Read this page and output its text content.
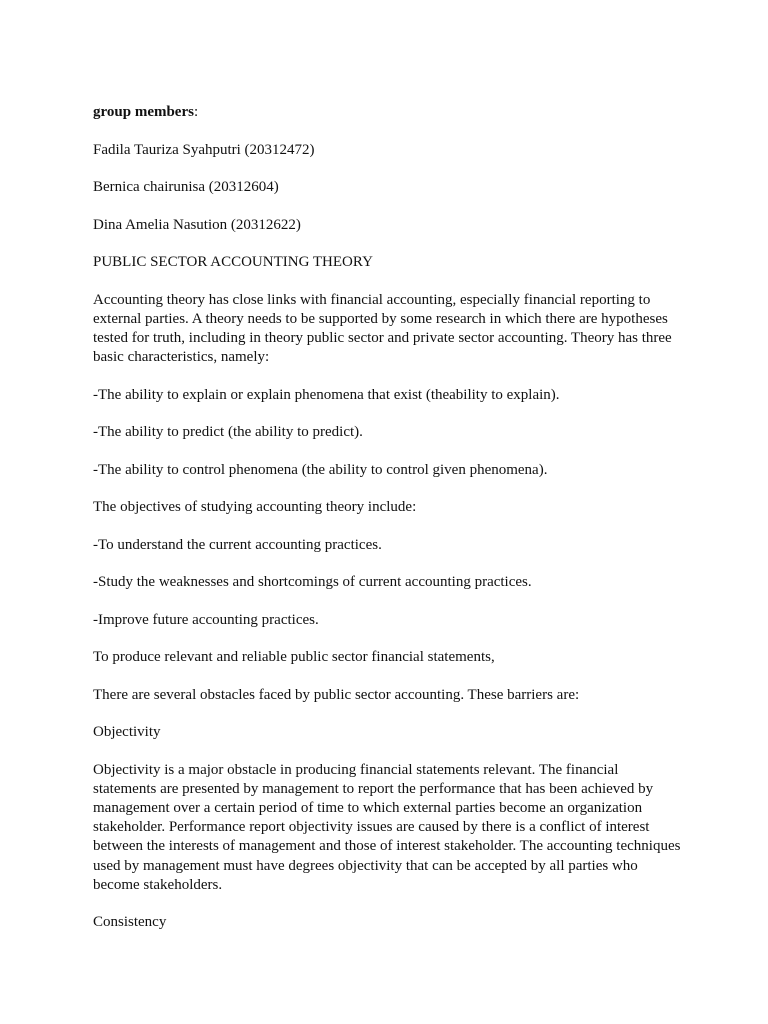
group members:

Fadila Tauriza Syahputri (20312472)

Bernica chairunisa (20312604)

Dina Amelia Nasution (20312622)

PUBLIC SECTOR ACCOUNTING THEORY

Accounting theory has close links with financial accounting, especially financial reporting to external parties. A theory needs to be supported by some research in which there are hypotheses tested for truth, including in theory public sector and private sector accounting. Theory has three basic characteristics, namely:

-The ability to explain or explain phenomena that exist (theability to explain).

-The ability to predict (the ability to predict).

-The ability to control phenomena (the ability to control given phenomena).

The objectives of studying accounting theory include:

-To understand the current accounting practices.

-Study the weaknesses and shortcomings of current accounting practices.

-Improve future accounting practices.

To produce relevant and reliable public sector financial statements,

There are several obstacles faced by public sector accounting. These barriers are:

Objectivity

Objectivity is a major obstacle in producing financial statements relevant. The financial statements are presented by management to report the performance that has been achieved by management over a certain period of time to which external parties become an organization stakeholder. Performance report objectivity issues are caused by there is a conflict of interest between the interests of management and those of interest stakeholder. The accounting techniques used by management must have degrees objectivity that can be accepted by all parties who become stakeholders.

Consistency
